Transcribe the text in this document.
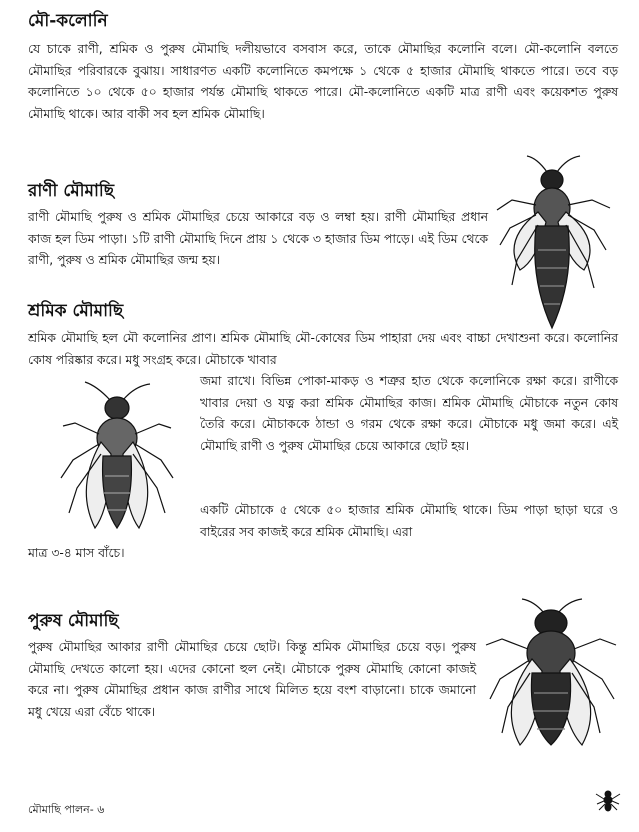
মৌ-কলোনি

যে চাকে রাণী, শ্রমিক ও পুরুষ মৌমাছি দলীয়ভাবে বসবাস করে, তাকে মৌমাছির কলোনি বলে। মৌ-কলোনি বলতে মৌমাছির পরিবারকে বুঝায়। সাধারণত একটি কলোনিতে কমপক্ষে ১ থেকে ৫ হাজার মৌমাছি থাকতে পারে। তবে বড় কলোনিতে ১০ থেকে ৫০ হাজার পর্যন্ত মৌমাছি থাকতে পারে। মৌ-কলোনিতে একটি মাত্র রাণী এবং কয়েকশত পুরুষ মৌমাছি থাকে। আর বাকী সব হল শ্রমিক মৌমাছি।

রাণী মৌমাছি

রাণী মৌমাছি পুরুষ ও শ্রমিক মৌমাছির চেয়ে আকারে বড় ও লম্বা হয়। রাণী মৌমাছির প্রধান কাজ হল ডিম পাড়া। ১টি রাণী মৌমাছি দিনে প্রায় ১ থেকে ৩ হাজার ডিম পাড়ে। এই ডিম থেকে রাণী, পুরুষ ও শ্রমিক মৌমাছির জন্ম হয়।

শ্রমিক মৌমাছি

শ্রমিক মৌমাছি হল মৌ কলোনির প্রাণ। শ্রমিক মৌমাছি মৌ-কোষের ডিম পাহারা দেয় এবং বাচ্চা দেখাশুনা করে। কলোনির কোষ পরিষ্কার করে। মধু সংগ্রহ করে। মৌচাকে খাবার

জমা রাখে। বিভিন্ন পোকা-মাকড় ও শত্রুর হাত থেকে কলোনিকে রক্ষা করে। রাণীকে খাবার দেয়া ও যত্ন করা শ্রমিক মৌমাছির কাজ। শ্রমিক মৌমাছি মৌচাকে নতুন কোষ তৈরি করে। মৌচাককে ঠান্ডা ও গরম থেকে রক্ষা করে। মৌচাকে মধু জমা করে। এই মৌমাছি রাণী ও পুরুষ মৌমাছির চেয়ে আকারে ছোট হয়।

একটি মৌচাকে ৫ থেকে ৫০ হাজার শ্রমিক মৌমাছি থাকে। ডিম পাড়া ছাড়া ঘরে ও বাইরের সব কাজই করে শ্রমিক মৌমাছি। এরা

মাত্র ৩-৪ মাস বাঁচে।

পুরুষ মৌমাছি

পুরুষ মৌমাছির আকার রাণী মৌমাছির চেয়ে ছোট। কিন্তু শ্রমিক মৌমাছির চেয়ে বড়। পুরুষ মৌমাছি দেখতে কালো হয়। এদের কোনো হুল নেই। মৌচাকে পুরুষ মৌমাছি কোনো কাজই করে না। পুরুষ মৌমাছির প্রধান কাজ রাণীর সাথে মিলিত হয়ে বংশ বাড়ানো। চাকে জমানো মধু খেয়ে এরা বেঁচে থাকে।

মৌমাছি পালন- ৬
